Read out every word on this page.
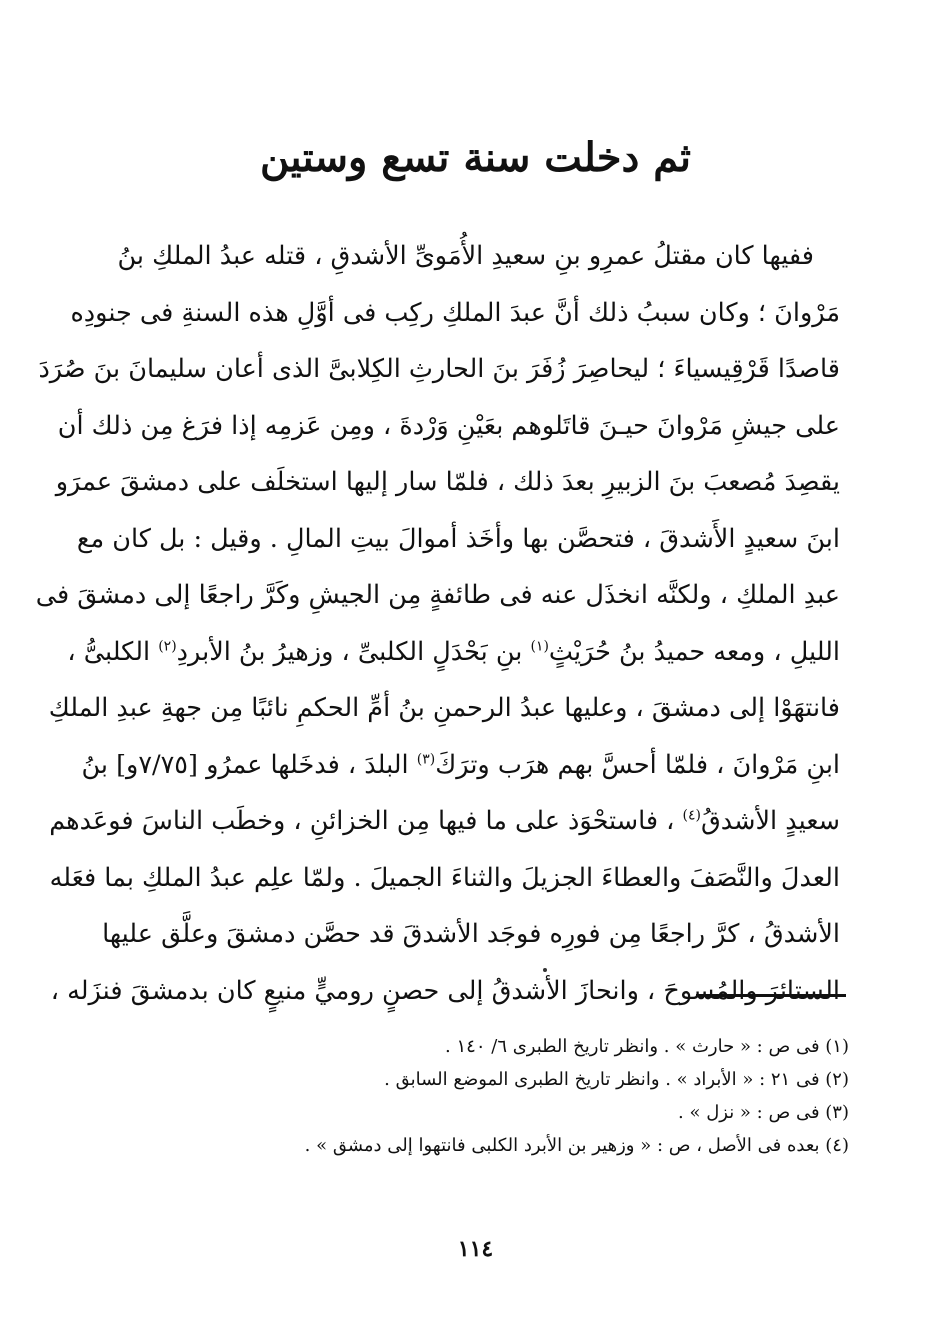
ثم دخلت سنة تسع وستين
ففيها كان مقتلُ عمرِو بنِ سعيدِ الأُمَوىِّ الأشدقِ ، قتله عبدُ الملكِ بنُ
مَرْوانَ ؛ وكان سببُ ذلك أنَّ عبدَ الملكِ ركِب فى أوَّلِ هذه السنةِ فى جنودِه
قاصدًا قَرْقِيسياءَ ؛ ليحاصِرَ زُفَرَ بنَ الحارثِ الكِلابىَّ الذى أعان سليمانَ بنَ صُرَدَ
على جيشِ مَرْوانَ حيـنَ قاتَلوهم بعَيْنِ وَرْدةَ ، ومِن عَزمِه إذا فرَغ مِن ذلك أن
يقصِدَ مُصعبَ بنَ الزبيرِ بعدَ ذلك ، فلمّا سار إليها استخلَف على دمشقَ عمرَو
ابنَ سعيدٍ الأَشدقَ ، فتحصَّن بها وأخَذ أموالَ بيتِ المالِ . وقيل : بل كان مع
عبدِ الملكِ ، ولكنَّه انخذَل عنه فى طائفةٍ مِن الجيشِ وكَرَّ راجعًا إلى دمشقَ فى
الليلِ ، ومعه حميدُ بنُ حُرَيْثٍ$^{(١)}$ بنِ بَحْدَلٍ الكلبىِّ ، وزهيرُ بنُ الأبردِ$^{(٢)}$ الكلبىُّ ،
فانتهَوْا إلى دمشقَ ، وعليها عبدُ الرحمنِ بنُ أمِّ الحكمِ نائبًا مِن جهةِ عبدِ الملكِ
ابنِ مَرْوانَ ، فلمّا أحسَّ بهم هرَب وترَكَ$^{(٣)}$ البلدَ ، فدخَلها عمرُو [٧/٧٥و] بنُ
سعيدٍ الأشدقُ$^{(٤)}$ ، فاستحْوَذ على ما فيها مِن الخزائنِ ، وخطَب الناسَ فوعَدهم
العدلَ والنَّصَفَ والعطاءَ الجزيلَ والثناءَ الجميلَ . ولمّا علِم عبدُ الملكِ بما فعَله
الأشدقُ ، كرَّ راجعًا مِن فورِه فوجَد الأشدقَ قد حصَّن دمشقَ وعلَّق عليها
الستائرَ والمُسوحَ ، وانحازَ الأشدقُ إلى حصنٍ روميٍّ منيعٍ كان بدمشقَ فنزَله ،
(١) فى ص : « حارث » . وانظر تاريخ الطبرى ٦/ ١٤٠ .
(٢) فى ٢١ : « الأبراد » . وانظر تاريخ الطبرى الموضع السابق .
(٣) فى ص : « نزل » .
(٤) بعده فى الأصل ، ص : « وزهير بن الأبرد الكلبى فانتهوا إلى دمشق » .
١١٤
